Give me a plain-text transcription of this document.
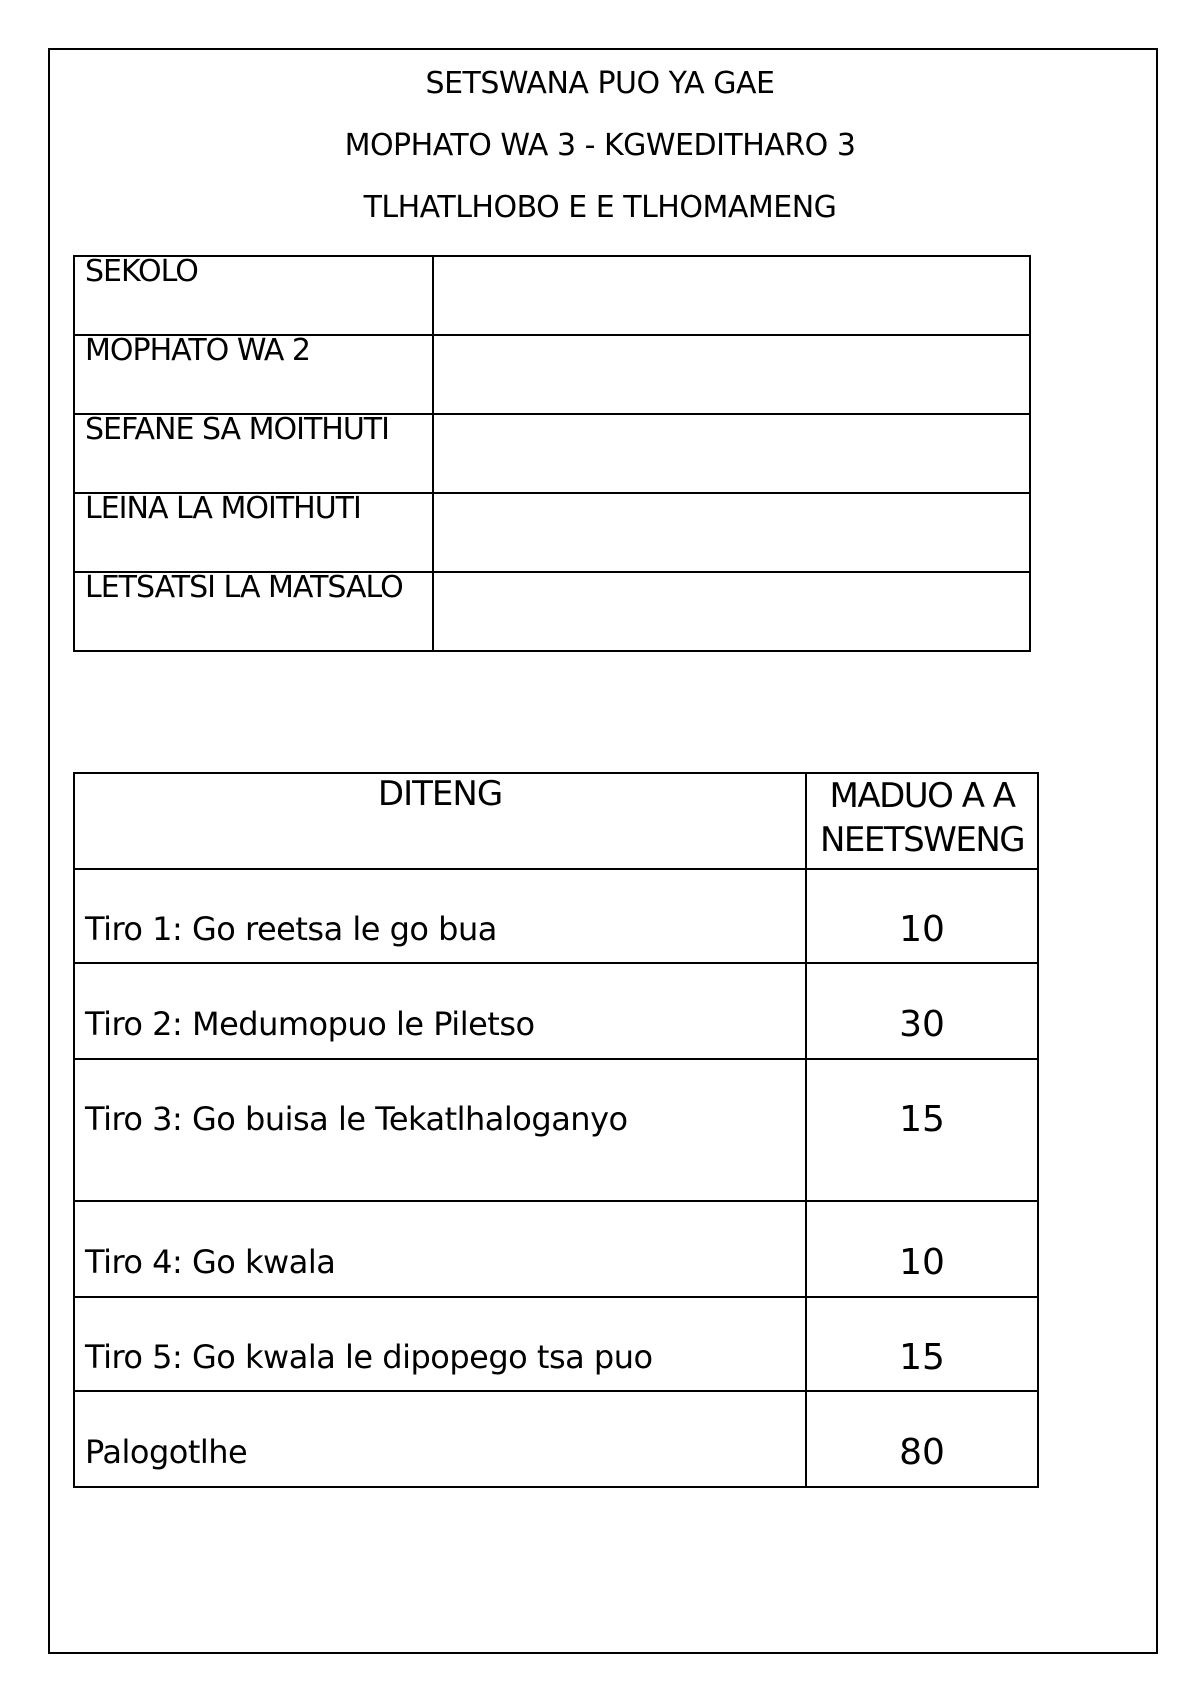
SETSWANA PUO YA GAE
MOPHATO WA 3 - KGWEDITHARO 3
TLHATLHOBO E E TLHOMAMENG
SEKOLO	
MOPHATO WA 2	
SEFANE SA MOITHUTI	
LEINA LA MOITHUTI	
LETSATSI LA MATSALO	
DITENG	MADUO A A
NEETSWENG

Tiro 1: Go reetsa le go bua	10
Tiro 2: Medumopuo le Piletso	30
Tiro 3: Go buisa le Tekatlhaloganyo	15
Tiro 4: Go kwala	10
Tiro 5: Go kwala le dipopego tsa puo	15
Palogotlhe	80
